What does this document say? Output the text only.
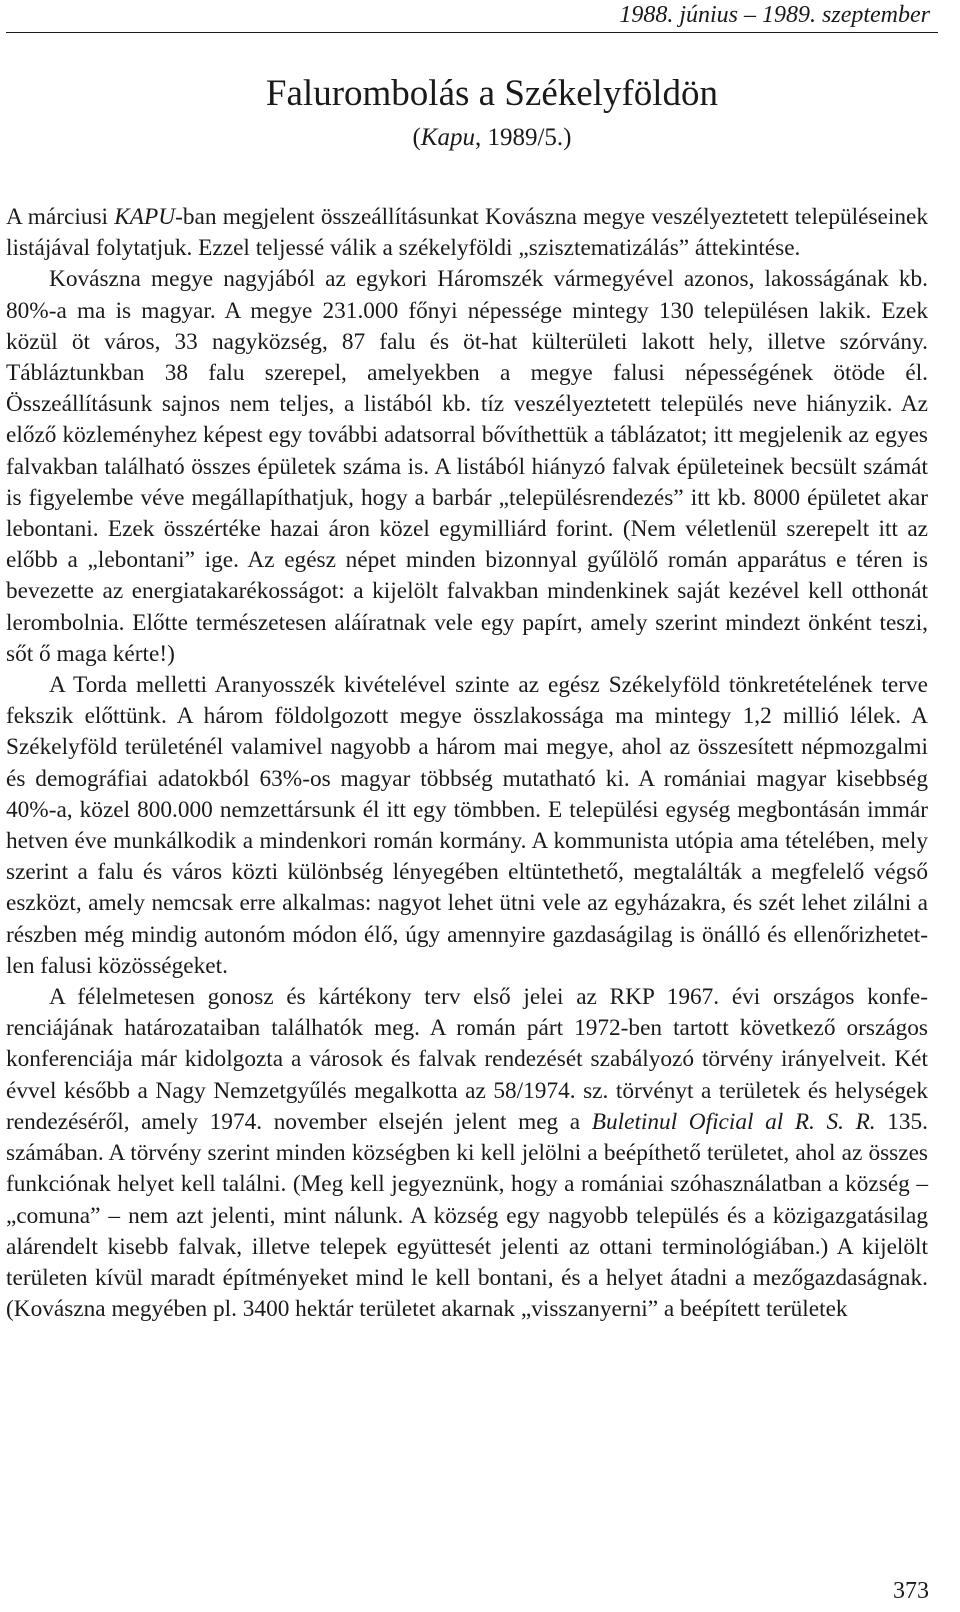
1988. június – 1989. szeptember
Falurombolás a Székelyföldön
(Kapu, 1989/5.)

A márciusi KAPU-ban megjelent összeállításunkat Kovászna megye veszélyeztetett településeinek listájával folytatjuk. Ezzel teljessé válik a székelyföldi „szisztematizálás” áttekintése.

Kovászna megye nagyjából az egykori Háromszék vármegyével azonos, lakosságának kb. 80%-a ma is magyar. A megye 231.000 főnyi népessége mintegy 130 településen lakik. Ezek közül öt város, 33 nagyközség, 87 falu és öt-hat külterületi lakott hely, illetve szórvány. Tábláztunkban 38 falu szerepel, amelyekben a megye falusi népességének ötöde él. Összeállításunk sajnos nem teljes, a listából kb. tíz veszélyeztetett település neve hiányzik. Az előző közleményhez képest egy további adatsorral bővíthettük a táblázatot; itt megjelenik az egyes falvakban található összes épületek száma is. A listából hiányzó falvak épületeinek becsült számát is figyelembe véve megállapíthatjuk, hogy a barbár „településrendezés” itt kb. 8000 épületet akar lebontani. Ezek összértéke hazai áron közel egymilliárd forint. (Nem véletlenül szerepelt itt az előbb a „lebontani” ige. Az egész népet minden bizonnyal gyűlölő román apparátus e téren is bevezette az energiatakarékosságot: a kijelölt falvakban mindenkinek saját kezével kell otthonát lerombolnia. Előtte természetesen aláíratnak vele egy papírt, amely szerint mindezt önként teszi, sőt ő maga kérte!)

A Torda melletti Aranyosszék kivételével szinte az egész Székelyföld tönkretételének terve fekszik előttünk. A három földolgozott megye összlakossága ma mintegy 1,2 millió lélek. A Székelyföld területénél valamivel nagyobb a három mai megye, ahol az összesített népmozgalmi és demográfiai adatokból 63%-os magyar többség mutatható ki. A romániai magyar kisebbség 40%-a, közel 800.000 nemzettársunk él itt egy tömbben. E települési egység megbontásán immár hetven éve munkálkodik a mindenkori román kormány. A kommunista utópia ama tételében, mely szerint a falu és város közti különbség lényegében eltüntethető, megtalálták a megfelelő végső eszközt, amely nemcsak erre alkalmas: nagyot lehet ütni vele az egyházakra, és szét lehet zilálni a részben még mindig autonóm módon élő, úgy amennyire gazdaságilag is önálló és ellenőrizhetetlen falusi közösségeket.

A félelmetesen gonosz és kártékony terv első jelei az RKP 1967. évi országos konferenciájának határozataiban találhatók meg. A román párt 1972-ben tartott következő országos konferenciája már kidolgozta a városok és falvak rendezését szabályozó törvény irányelveit. Két évvel később a Nagy Nemzetgyűlés megalkotta az 58/1974. sz. törvényt a területek és helységek rendezéséről, amely 1974. november elsején jelent meg a Buletinul Oficial al R. S. R. 135. számában. A törvény szerint minden községben ki kell jelölni a beépíthető területet, ahol az összes funkciónak helyet kell találni. (Meg kell jegyeznünk, hogy a romániai szóhasználatban a község – „comuna” – nem azt jelenti, mint nálunk. A község egy nagyobb település és a közigazgatásilag alárendelt kisebb falvak, illetve telepek együttesét jelenti az ottani terminológiában.) A kijelölt területen kívül maradt építményeket mind le kell bontani, és a helyet átadni a mezőgazdaságnak. (Kovászna megyében pl. 3400 hektár területet akarnak „visszanyerni” a beépített területek

373
